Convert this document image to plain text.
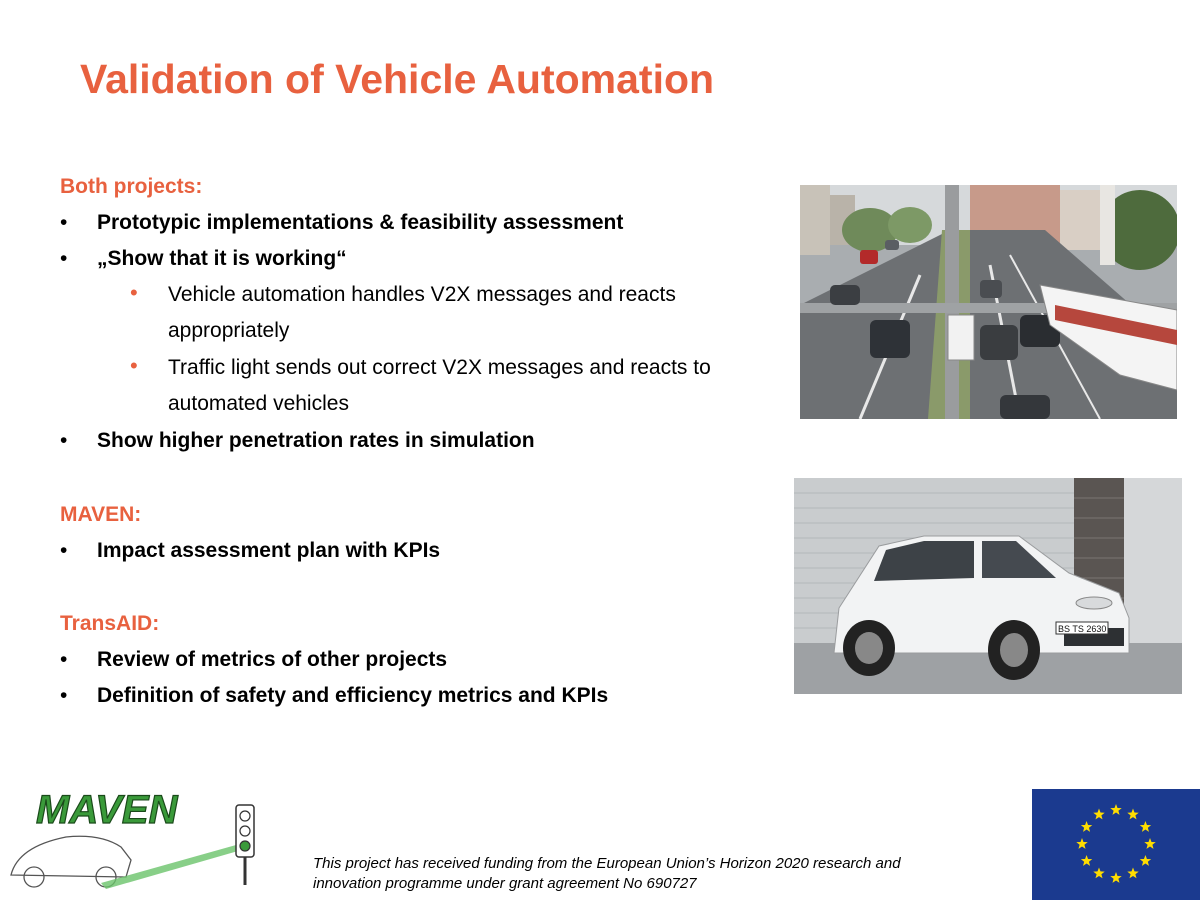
Validation of Vehicle Automation
Both projects:
• Prototypic implementations & feasibility assessment
• „Show that it is working“
• Vehicle automation handles V2X messages and reacts
appropriately
• Traffic light sends out correct V2X messages and reacts to
automated vehicles
• Show higher penetration rates in simulation
MAVEN:
• Impact assessment plan with KPIs
TransAID:
• Review of metrics of other projects
• Definition of safety and efficiency metrics and KPIs
BS TS 2630
MAVEN
This project has received funding from the European Union’s Horizon 2020 research and
innovation programme under grant agreement No 690727
